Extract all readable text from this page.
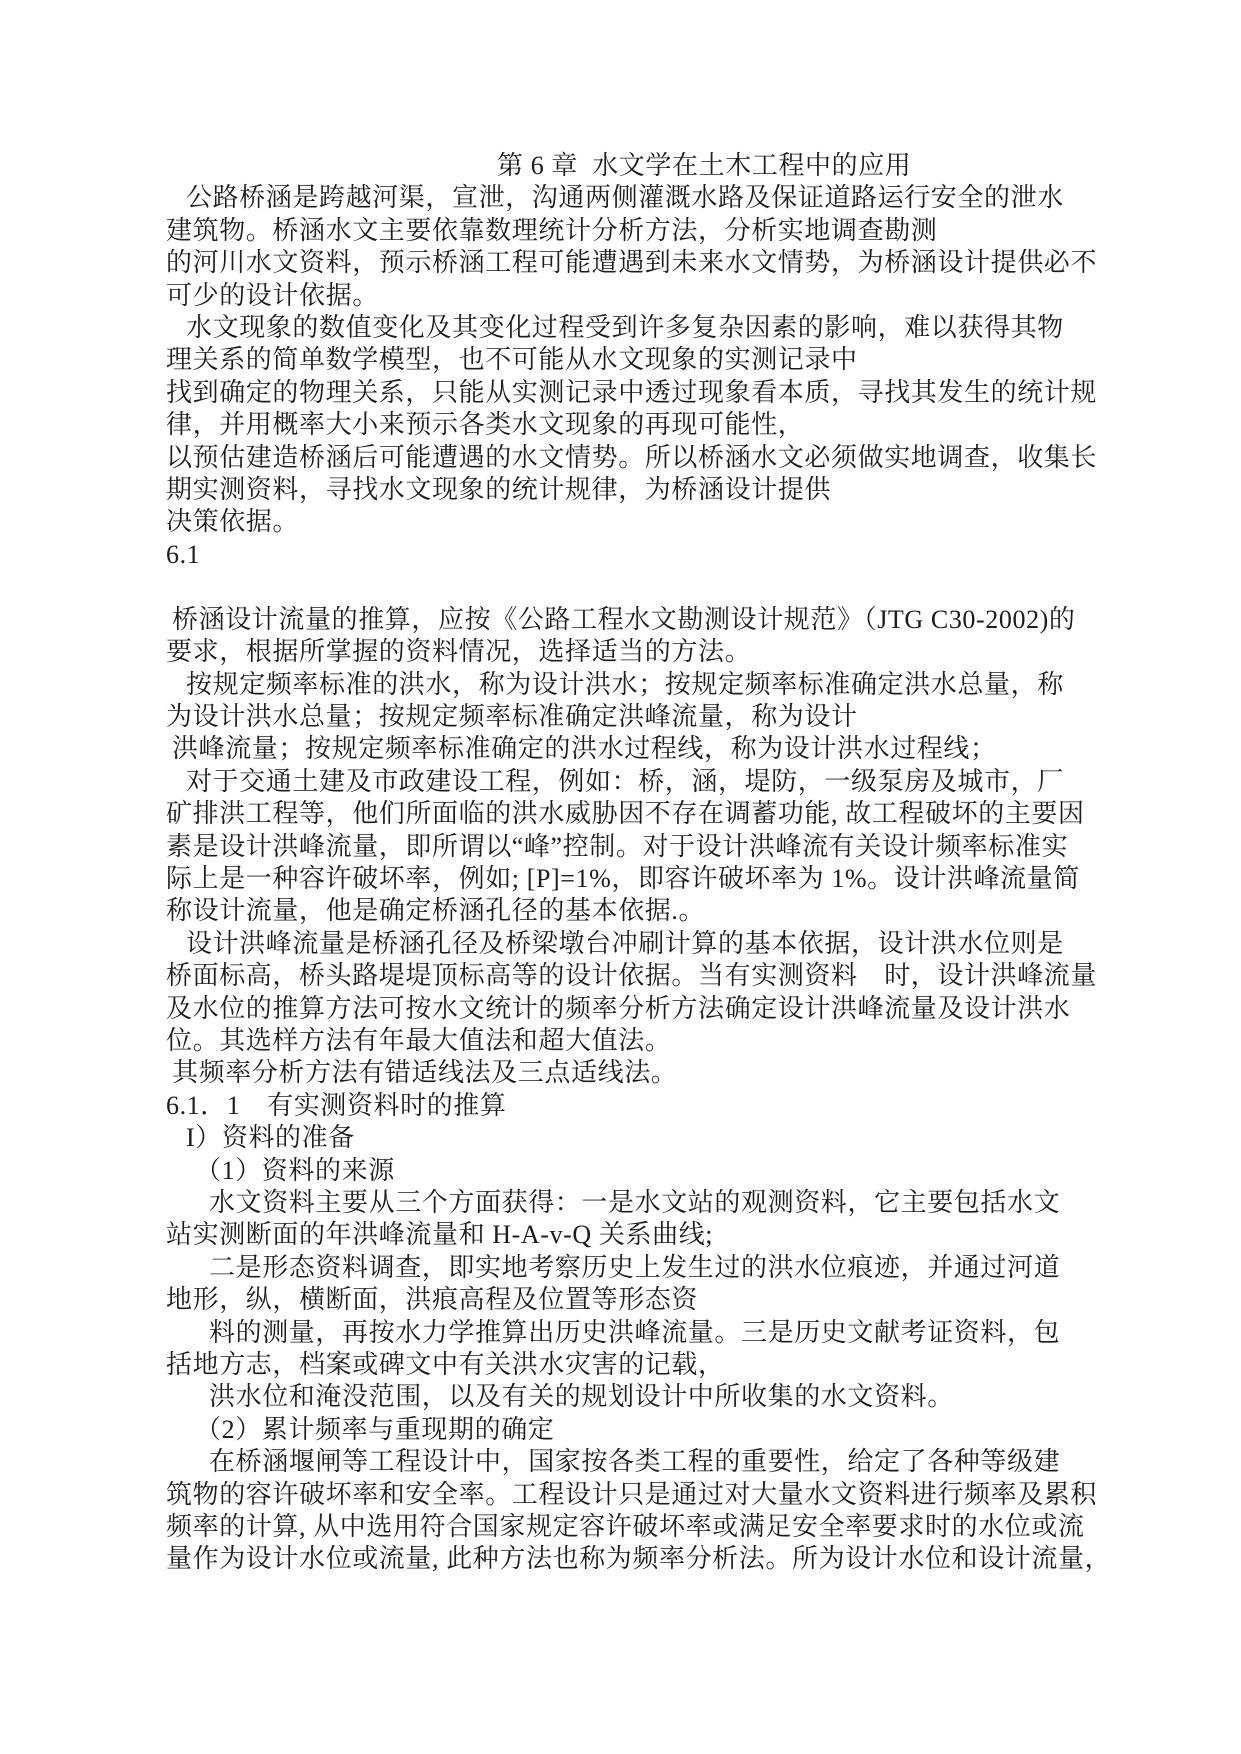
第 6 章  水文学在土木工程中的应用
公路桥涵是跨越河渠，宣泄，沟通两侧灌溉水路及保证道路运行安全的泄水
建筑物。桥涵水文主要依靠数理统计分析方法，分析实地调查勘测
的河川水文资料，预示桥涵工程可能遭遇到未来水文情势，为桥涵设计提供必不
可少的设计依据。
水文现象的数值变化及其变化过程受到许多复杂因素的影响，难以获得其物
理关系的简单数学模型，也不可能从水文现象的实测记录中
找到确定的物理关系，只能从实测记录中透过现象看本质，寻找其发生的统计规
律，并用概率大小来预示各类水文现象的再现可能性，
以预估建造桥涵后可能遭遇的水文情势。所以桥涵水文必须做实地调查，收集长
期实测资料，寻找水文现象的统计规律，为桥涵设计提供
决策依据。
6.1

桥涵设计流量的推算，应按《公路工程水文勘测设计规范》（JTG C30-2002)的
要求，根据所掌握的资料情况，选择适当的方法。
按规定频率标准的洪水，称为设计洪水；按规定频率标准确定洪水总量，称
为设计洪水总量；按规定频率标准确定洪峰流量，称为设计
洪峰流量；按规定频率标准确定的洪水过程线，称为设计洪水过程线；
对于交通土建及市政建设工程，例如：桥，涵，堤防，一级泵房及城市，厂
矿排洪工程等，他们所面临的洪水威胁因不存在调蓄功能, 故工程破坏的主要因
素是设计洪峰流量，即所谓以“峰”控制。对于设计洪峰流有关设计频率标准实
际上是一种容许破坏率，例如; [P]=1%，即容许破坏率为 1%。设计洪峰流量简
称设计流量，他是确定桥涵孔径的基本依据.。
设计洪峰流量是桥涵孔径及桥梁墩台冲刷计算的基本依据，设计洪水位则是
桥面标高，桥头路堤堤顶标高等的设计依据。当有实测资料　时，设计洪峰流量
及水位的推算方法可按水文统计的频率分析方法确定设计洪峰流量及设计洪水
位。其选样方法有年最大值法和超大值法。
其频率分析方法有错适线法及三点适线法。
6.1．1　有实测资料时的推算
I）资料的准备
（1）资料的来源
水文资料主要从三个方面获得：一是水文站的观测资料，它主要包括水文
站实测断面的年洪峰流量和 H-A-v-Q 关系曲线;
二是形态资料调查，即实地考察历史上发生过的洪水位痕迹，并通过河道
地形，纵，横断面，洪痕高程及位置等形态资
料的测量，再按水力学推算出历史洪峰流量。三是历史文献考证资料，包
括地方志，档案或碑文中有关洪水灾害的记载，
洪水位和淹没范围，以及有关的规划设计中所收集的水文资料。
（2）累计频率与重现期的确定
在桥涵堰闸等工程设计中，国家按各类工程的重要性，给定了各种等级建
筑物的容许破坏率和安全率。工程设计只是通过对大量水文资料进行频率及累积
频率的计算, 从中选用符合国家规定容许破坏率或满足安全率要求时的水位或流
量作为设计水位或流量, 此种方法也称为频率分析法。所为设计水位和设计流量，
